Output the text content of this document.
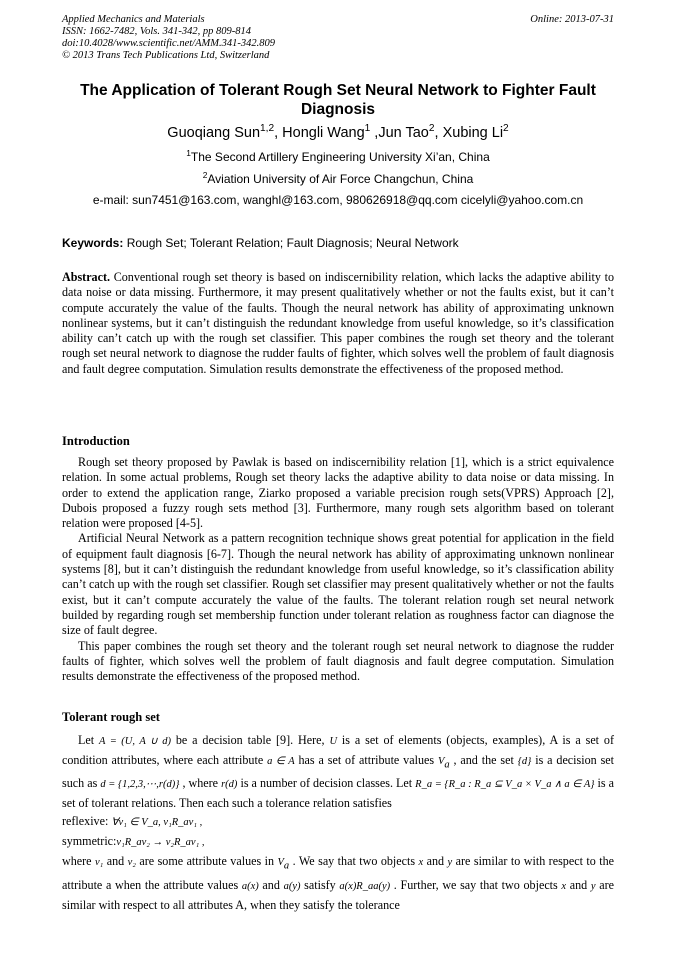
Applied Mechanics and Materials
ISSN: 1662-7482, Vols. 341-342, pp 809-814
doi:10.4028/www.scientific.net/AMM.341-342.809
© 2013 Trans Tech Publications Ltd, Switzerland
Online: 2013-07-31
The Application of Tolerant Rough Set Neural Network to Fighter Fault Diagnosis
Guoqiang Sun$^{1,2}$, Hongli Wang$^1$ ,Jun Tao$^2$, Xubing Li$^2$
$^1$The Second Artillery Engineering University Xi’an, China
$^2$Aviation University of Air Force Changchun, China
e-mail: sun7451@163.com, wanghl@163.com, 980626918@qq.com cicelyli@yahoo.com.cn
Keywords: Rough Set; Tolerant Relation; Fault Diagnosis; Neural Network
Abstract. Conventional rough set theory is based on indiscernibility relation, which lacks the adaptive ability to data noise or data missing. Furthermore, it may present qualitatively whether or not the faults exist, but it can’t compute accurately the value of the faults. Though the neural network has ability of approximating unknown nonlinear systems, but it can’t distinguish the redundant knowledge from useful knowledge, so it’s classification ability can’t catch up with the rough set classifier. This paper combines the rough set theory and the tolerant rough set neural network to diagnose the rudder faults of fighter, which solves well the problem of fault diagnosis and fault degree computation. Simulation results demonstrate the effectiveness of the proposed method.
Introduction

Rough set theory proposed by Pawlak is based on indiscernibility relation [1], which is a strict equivalence relation. In some actual problems, Rough set theory lacks the adaptive ability to data noise or data missing. In order to extend the application range, Ziarko proposed a variable precision rough sets(VPRS) Approach [2], Dubois proposed a fuzzy rough sets method [3]. Furthermore, many rough sets algorithm based on tolerant relation were proposed [4-5].

Artificial Neural Network as a pattern recognition technique shows great potential for application in the field of equipment fault diagnosis [6-7]. Though the neural network has ability of approximating unknown nonlinear systems [8], but it can’t distinguish the redundant knowledge from useful knowledge, so it’s classification ability can’t catch up with the rough set classifier. Rough set classifier may present qualitatively whether or not the faults exist, but it can’t compute accurately the value of the faults. The tolerant relation rough set neural network builded by regarding rough set membership function under tolerant relation as roughness factor can diagnose the size of fault degree.

This paper combines the rough set theory and the tolerant rough set neural network to diagnose the rudder faults of fighter, which solves well the problem of fault diagnosis and fault degree computation. Simulation results demonstrate the effectiveness of the proposed method.

Tolerant rough set

Let A = (U, A ∪ d) be a decision table [9]. Here, U is a set of elements (objects, examples), A is a set of condition attributes, where each attribute a ∈ A has a set of attribute values $V_a$ , and the set {d} is a decision set such as d = {1,2,3,⋯,r(d)} , where r(d) is a number of decision classes. Let R_a = {R_a : R_a ⊆ V_a × V_a ∧ a ∈ A} is a set of tolerant relations. Then each such a tolerance relation satisfies

reflexive: ∀v₁ ∈ V_a, v₁R_av₁ ,

symmetric:v₁R_av₂ → v₂R_av₁ ,

where v₁ and v₂ are some attribute values in $V_a$ . We say that two objects x and y are similar to with respect to the attribute a when the attribute values a(x) and a(y) satisfy a(x)R_aa(y) . Further, we say that two objects x and y are similar with respect to all attributes A, when they satisfy the tolerance
